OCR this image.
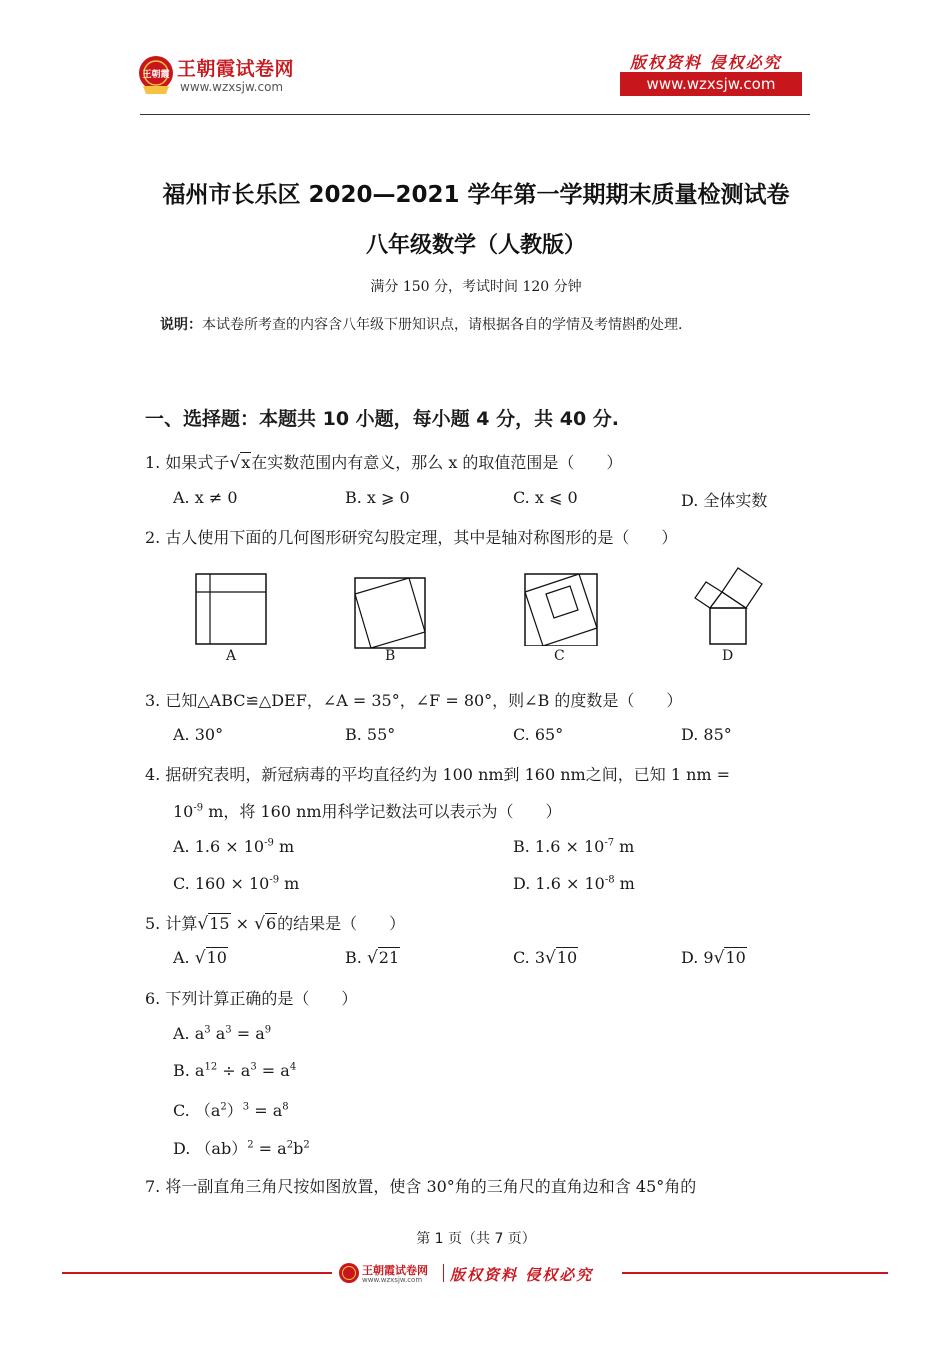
王朝霞 王朝霞试卷网
www.wzxsjw.com
版权资料 侵权必究
www.wzxsjw.com
福州市长乐区 2020—2021 学年第一学期期末质量检测试卷
八年级数学（人教版）
满分 150 分，考试时间 120 分钟
说明：本试卷所考查的内容含八年级下册知识点，请根据各自的学情及考情斟酌处理.
一、选择题：本题共 10 小题，每小题 4 分，共 40 分.
1. 如果式子√x在实数范围内有意义，那么 x 的取值范围是（　　）
A. x ≠ 0	B. x ⩾ 0	C. x ⩽ 0	D. 全体实数
2. 古人使用下面的几何图形研究勾股定理，其中是轴对称图形的是（　　）
A	B	C	D
3. 已知△ABC≌△DEF，∠A = 35°，∠F = 80°，则∠B 的度数是（　　）
A. 30°	B. 55°	C. 65°	D. 85°
4. 据研究表明，新冠病毒的平均直径约为 100 nm到 160 nm之间，已知 1 nm =
$10^{-9}$ m，将 160 nm用科学记数法可以表示为（　　）
A. $1.6 \times 10^{-9}$ m	B. $1.6 \times 10^{-7}$ m
C. $160 \times 10^{-9}$ m	D. $1.6 \times 10^{-8}$ m
5. 计算√15 × √6的结果是（　　）
A. √10	B. √21	C. 3√10	D. 9√10
6. 下列计算正确的是（　　）
A. $a^3$ $a^3 = a^9$
B. $a^{12} \div a^3 = a^4$
C. $(a^2)^3 = a^8$
D. $(ab)^2 = a^2b^2$
7. 将一副直角三角尺按如图放置，使含 30°角的三角尺的直角边和含 45°角的
第 1 页（共 7 页）
王朝霞试卷网
www.wzxsjw.com 版权资料 侵权必究
